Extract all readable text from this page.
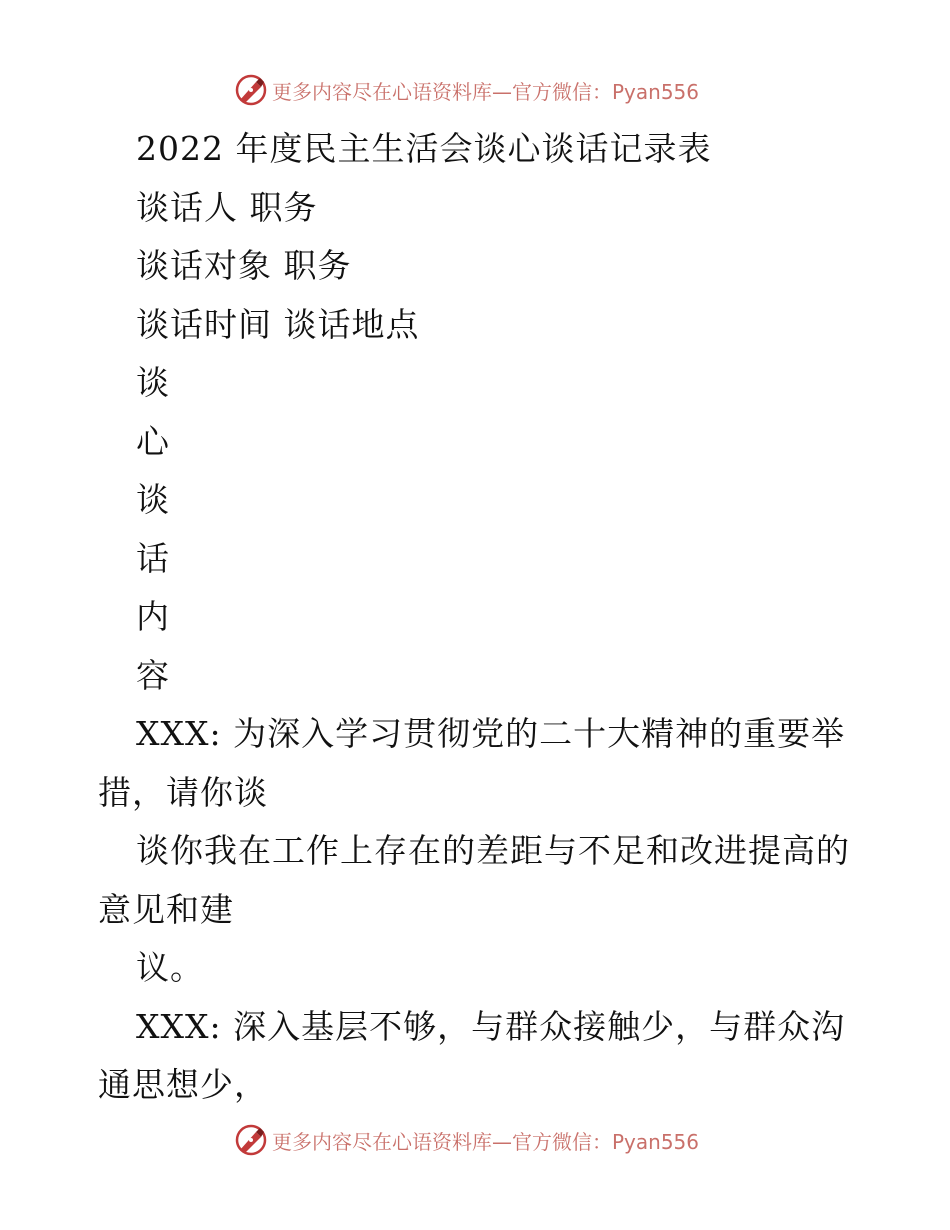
更多内容尽在心语资料库—官方微信：Pyan556
2022 年度民主生活会谈心谈话记录表
谈话人 职务
谈话对象 职务
谈话时间 谈话地点
谈
心
谈
话
内
容
XXX: 为深入学习贯彻党的二十大精神的重要举
措，请你谈
谈你我在工作上存在的差距与不足和改进提高的
意见和建
议。
XXX: 深入基层不够，与群众接触少，与群众沟
通思想少，
更多内容尽在心语资料库—官方微信：Pyan556
